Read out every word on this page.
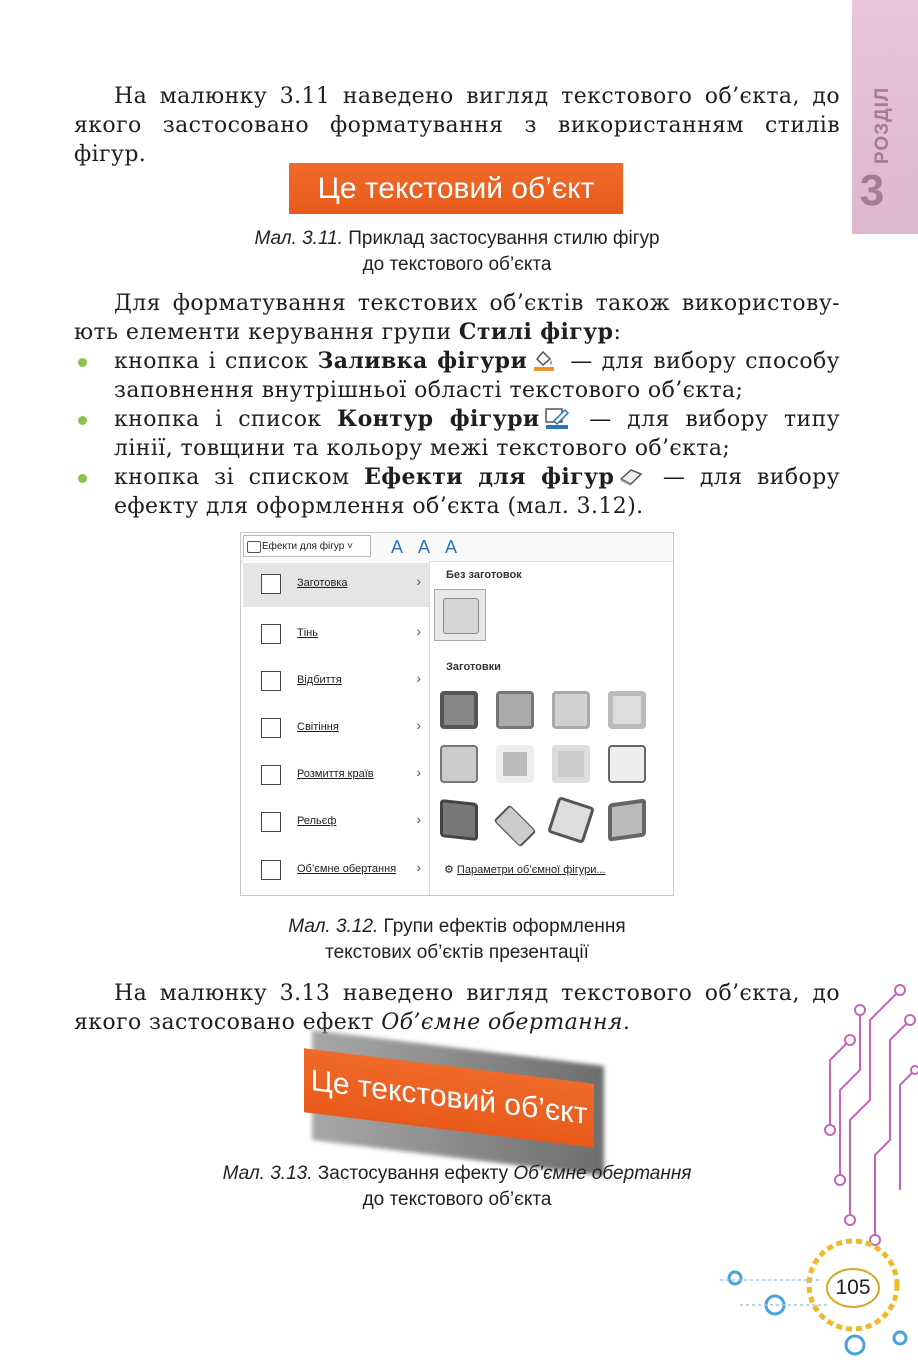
РОЗДІЛ
3

На малюнку 3.11 наведено вигляд текстового об’єкта, до якого застосовано форматування з використанням стилів фігур.

Це текстовий об’єкт
Мал. 3.11. Приклад застосування стилю фігур
до текстового об’єкта

Для форматування текстових об’єктів також використову-ють елементи керування групи Стилі фігур:

кнопка і список Заливка фігури — для вибору способу заповнення внутрішньої області текстового об’єкта;
кнопка і список Контур фігури — для вибору типу лінії, товщини та кольору межі текстового об’єкта;
кнопка зі списком Ефекти для фігур — для вибору ефекту для оформлення об’єкта (мал. 3.12).
Ефекти для фігур ˅	A   A   A
Заготовка	›
Тінь	›
Відбиття	›
Світіння	›
Розмиття країв	›
Рельєф	›
Об’ємне обертання ›
Без заготовок
Заготовки
⚙ Параметри об’ємної фігури...
Мал. 3.12. Групи ефектів оформлення
текстових об’єктів презентації

На малюнку 3.13 наведено вигляд текстового об’єкта, до якого застосовано ефект Об’ємне обертання.

Це текстовий об’єкт
Мал. 3.13. Застосування ефекту Об’ємне обертання
до текстового об’єкта
105
